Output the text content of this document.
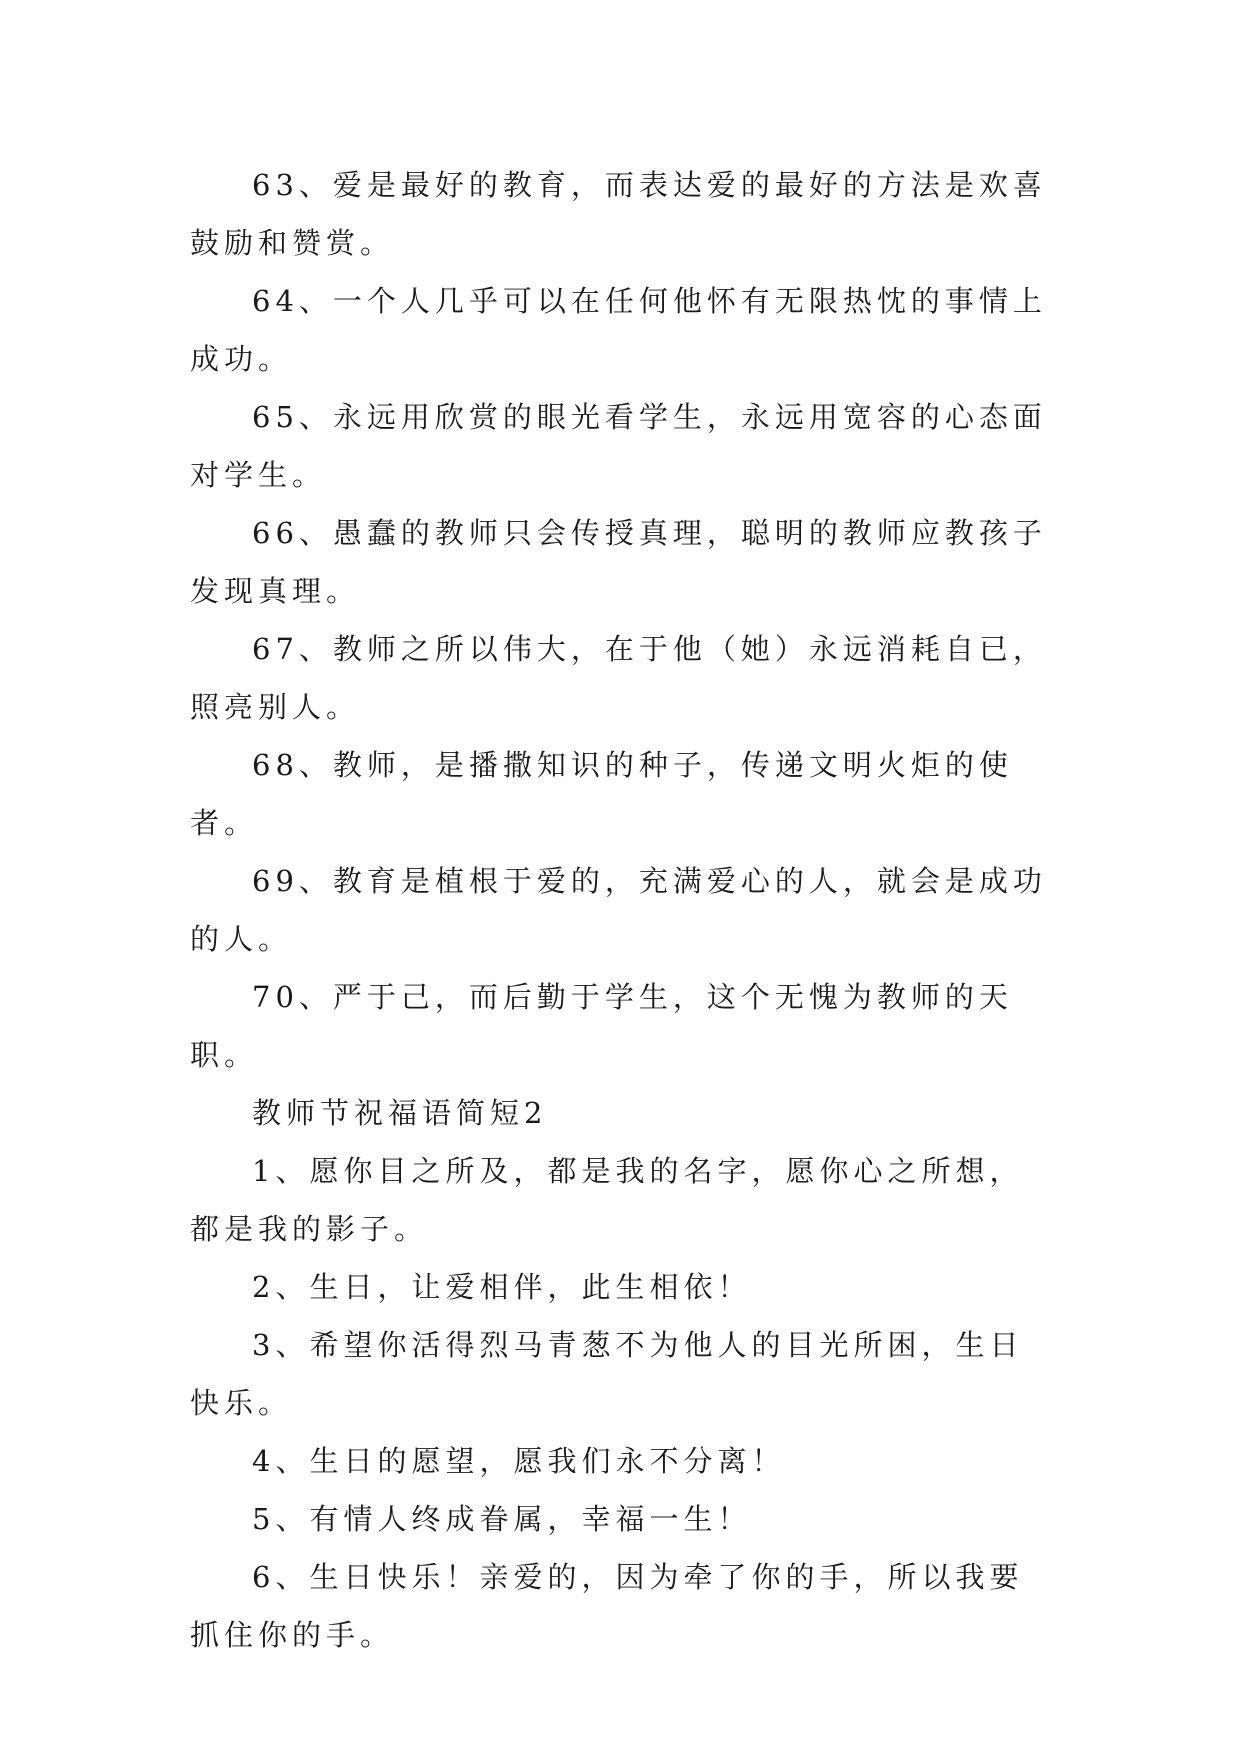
63、爱是最好的教育，而表达爱的最好的方法是欢喜鼓励和赞赏。

64、一个人几乎可以在任何他怀有无限热忱的事情上成功。

65、永远用欣赏的眼光看学生，永远用宽容的心态面对学生。

66、愚蠢的教师只会传授真理，聪明的教师应教孩子发现真理。

67、教师之所以伟大，在于他（她）永远消耗自已，照亮别人。

68、教师，是播撒知识的种子，传递文明火炬的使者。

69、教育是植根于爱的，充满爱心的人，就会是成功的人。

70、严于己，而后勤于学生，这个无愧为教师的天职。

教师节祝福语简短2

1、愿你目之所及，都是我的名字，愿你心之所想，都是我的影子。

2、生日，让爱相伴，此生相依！

3、希望你活得烈马青葱不为他人的目光所困，生日快乐。

4、生日的愿望，愿我们永不分离！

5、有情人终成眷属，幸福一生！

6、生日快乐！亲爱的，因为牵了你的手，所以我要抓住你的手。
